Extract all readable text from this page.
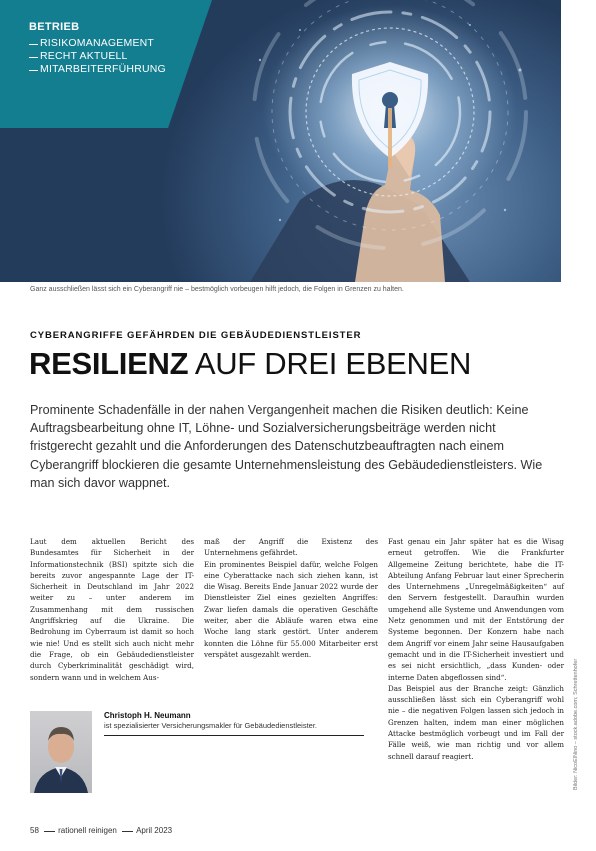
BETRIEB
RISIKOMANAGEMENT
RECHT AKTUELL
MITARBEITERFÜHRUNG
Ganz ausschließen lässt sich ein Cyberangriff nie – bestmöglich vorbeugen hilft jedoch, die Folgen in Grenzen zu halten.
CYBERANGRIFFE GEFÄHRDEN DIE GEBÄUDEDIENSTLEISTER
RESILIENZ AUF DREI EBENEN
Prominente Schadenfälle in der nahen Vergangenheit machen die Risiken deutlich: Keine Auftragsbearbeitung ohne IT, Löhne- und Sozialversicherungsbeiträge werden nicht fristgerecht gezahlt und die Anforderungen des Datenschutzbeauftragten nach einem Cyberangriff blockieren die gesamte Unternehmensleistung des Gebäudedienstleisters. Wie man sich davor wappnet.

Laut dem aktuellen Bericht des Bundesamtes für Sicherheit in der Informationstechnik (BSI) spitzte sich die bereits zuvor angespannte Lage der IT-Sicherheit in Deutschland im Jahr 2022 weiter zu – unter anderem im Zusammenhang mit dem russischen Angriffskrieg auf die Ukraine. Die Bedrohung im Cyberraum ist damit so hoch wie nie! Und es stellt sich auch nicht mehr die Frage, ob ein Gebäudedienstleister durch Cyberkriminalität geschädigt wird, sondern wann und in welchem Aus-

maß der Angriff die Existenz des Unternehmens gefährdet.
Ein prominentes Beispiel dafür, welche Folgen eine Cyberattacke nach sich ziehen kann, ist die Wisag. Bereits Ende Januar 2022 wurde der Dienstleister Ziel eines gezielten Angriffes: Zwar liefen damals die operativen Geschäfte weiter, aber die Abläufe waren etwa eine Woche lang stark gestört. Unter anderem konnten die Löhne für 55.000 Mitarbeiter erst verspätet ausgezahlt werden.

Fast genau ein Jahr später hat es die Wisag erneut getroffen. Wie die Frankfurter Allgemeine Zeitung berichtete, habe die IT-Abteilung Anfang Februar laut einer Sprecherin des Unternehmens „Unregelmäßigkeiten“ auf den Servern festgestellt. Daraufhin wurden umgehend alle Systeme und Anwendungen vom Netz genommen und mit der Entstörung der Systeme begonnen. Der Konzern habe nach dem Angriff vor einem Jahr seine Hausaufgaben gemacht und in die IT-Sicherheit investiert und es sei nicht ersichtlich, „dass Kunden- oder interne Daten abgeflossen sind“.
Das Beispiel aus der Branche zeigt: Gänzlich ausschließen lässt sich ein Cyberangriff wohl nie – die negativen Folgen lassen sich jedoch in Grenzen halten, indem man einer möglichen Attacke bestmöglich vorbeugt und im Fall der Fälle weiß, wie man richtig und vor allem schnell darauf reagiert.

Christoph H. Neumann
ist spezialisierter Versicherungsmakler für Gebäudedienstleister.	Bilder: NicoElNino – stock.adobe.com; Schrettenhofer
58 rationell reinigen April 2023
